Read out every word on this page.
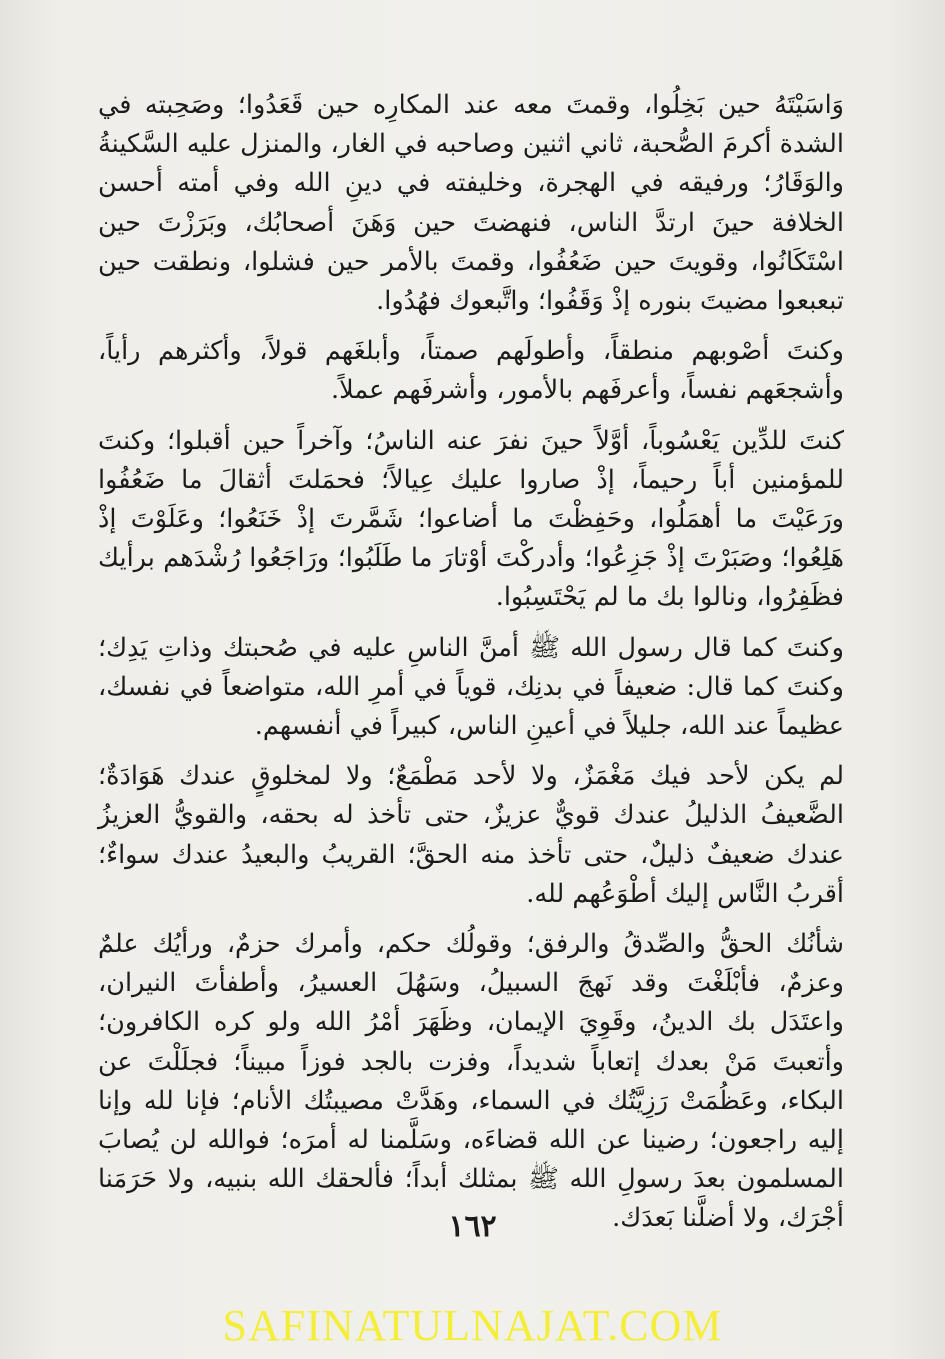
وَاسَيْتَهُ حين بَخِلُوا، وقمتَ معه عند المكارِه حين قَعَدُوا؛ وصَحِبته في الشدة أكرمَ الصُّحبة، ثاني اثنين وصاحبه في الغار، والمنزل عليه السَّكينةُ والوَقَارُ؛ ورفيقه في الهجرة، وخليفته في دينِ الله وفي أمته أحسن الخلافة حينَ ارتدَّ الناس، فنهضتَ حين وَهَنَ أصحابُك، وبَرَزْتَ حين اسْتَكَانُوا، وقويتَ حين ضَعُفُوا، وقمتَ بالأمر حين فشلوا، ونطقت حين تبعبعوا مضيتَ بنوره إذْ وَقَفُوا؛ واتَّبعوك فهُدُوا.

وكنتَ أصْوبهم منطقاً، وأطولَهم صمتاً، وأبلغَهم قولاً، وأكثرهم رأياً، وأشجعَهم نفساً، وأعرفَهم بالأمور، وأشرفَهم عملاً.

كنتَ للدِّين يَعْسُوباً، أوَّلاً حينَ نفرَ عنه الناسُ؛ وآخراً حين أقبلوا؛ وكنتَ للمؤمنين أباً رحيماً، إذْ صاروا عليك عِيالاً؛ فحمَلتَ أثقالَ ما ضَعُفُوا ورَعَيْتَ ما أهمَلُوا، وحَفِظْتَ ما أضاعوا؛ شَمَّرتَ إذْ خَنَعُوا؛ وعَلَوْتَ إذْ هَلِعُوا؛ وصَبَرْتَ إذْ جَزِعُوا؛ وأدركْتَ أوْتارَ ما طَلَبُوا؛ ورَاجَعُوا رُشْدَهم برأيك فظَفِرُوا، ونالوا بك ما لم يَحْتَسِبُوا.

وكنتَ كما قال رسول الله ﷺ أمنَّ الناسِ عليه في صُحبتك وذاتِ يَدِك؛ وكنتَ كما قال: ضعيفاً في بدنِك، قوياً في أمرِ الله، متواضعاً في نفسك، عظيماً عند الله، جليلاً في أعينِ الناس، كبيراً في أنفسهم.

لم يكن لأحد فيك مَغْمَزٌ، ولا لأحد مَطْمَعٌ؛ ولا لمخلوقٍ عندك هَوَادَةٌ؛ الضَّعيفُ الذليلُ عندك قويٌّ عزيزٌ، حتى تأخذ له بحقه، والقويُّ العزيزُ عندك ضعيفٌ ذليلٌ، حتى تأخذ منه الحقَّ؛ القريبُ والبعيدُ عندك سواءٌ؛ أقربُ النَّاس إليك أطْوَعُهم لله.

شأنُك الحقُّ والصِّدقُ والرفق؛ وقولُك حكم، وأمرك حزمٌ، ورأيُك علمٌ وعزمٌ، فأبْلَغْتَ وقد نَهجَ السبيلُ، وسَهُلَ العسيرُ، وأطفأتَ النيران، واعتَدَل بك الدينُ، وقَوِيَ الإيمان، وظَهَرَ أمْرُ الله ولو كره الكافرون؛ وأتعبتَ مَنْ بعدك إتعاباً شديداً، وفزت بالجد فوزاً مبيناً؛ فجلَلْتَ عن البكاء، وعَظُمَتْ رَزِيَّتُك في السماء، وهَدَّتْ مصيبتُك الأنام؛ فإنا لله وإنا إليه راجعون؛ رضينا عن الله قضاءَه، وسَلَّمنا له أمرَه؛ فوالله لن يُصابَ المسلمون بعدَ رسولِ الله ﷺ بمثلك أبداً؛ فألحقك الله بنبيه، ولا حَرَمَنا أجْرَك، ولا أضلَّنا بَعدَك.

١٦٢
SAFINATULNAJAT.COM
